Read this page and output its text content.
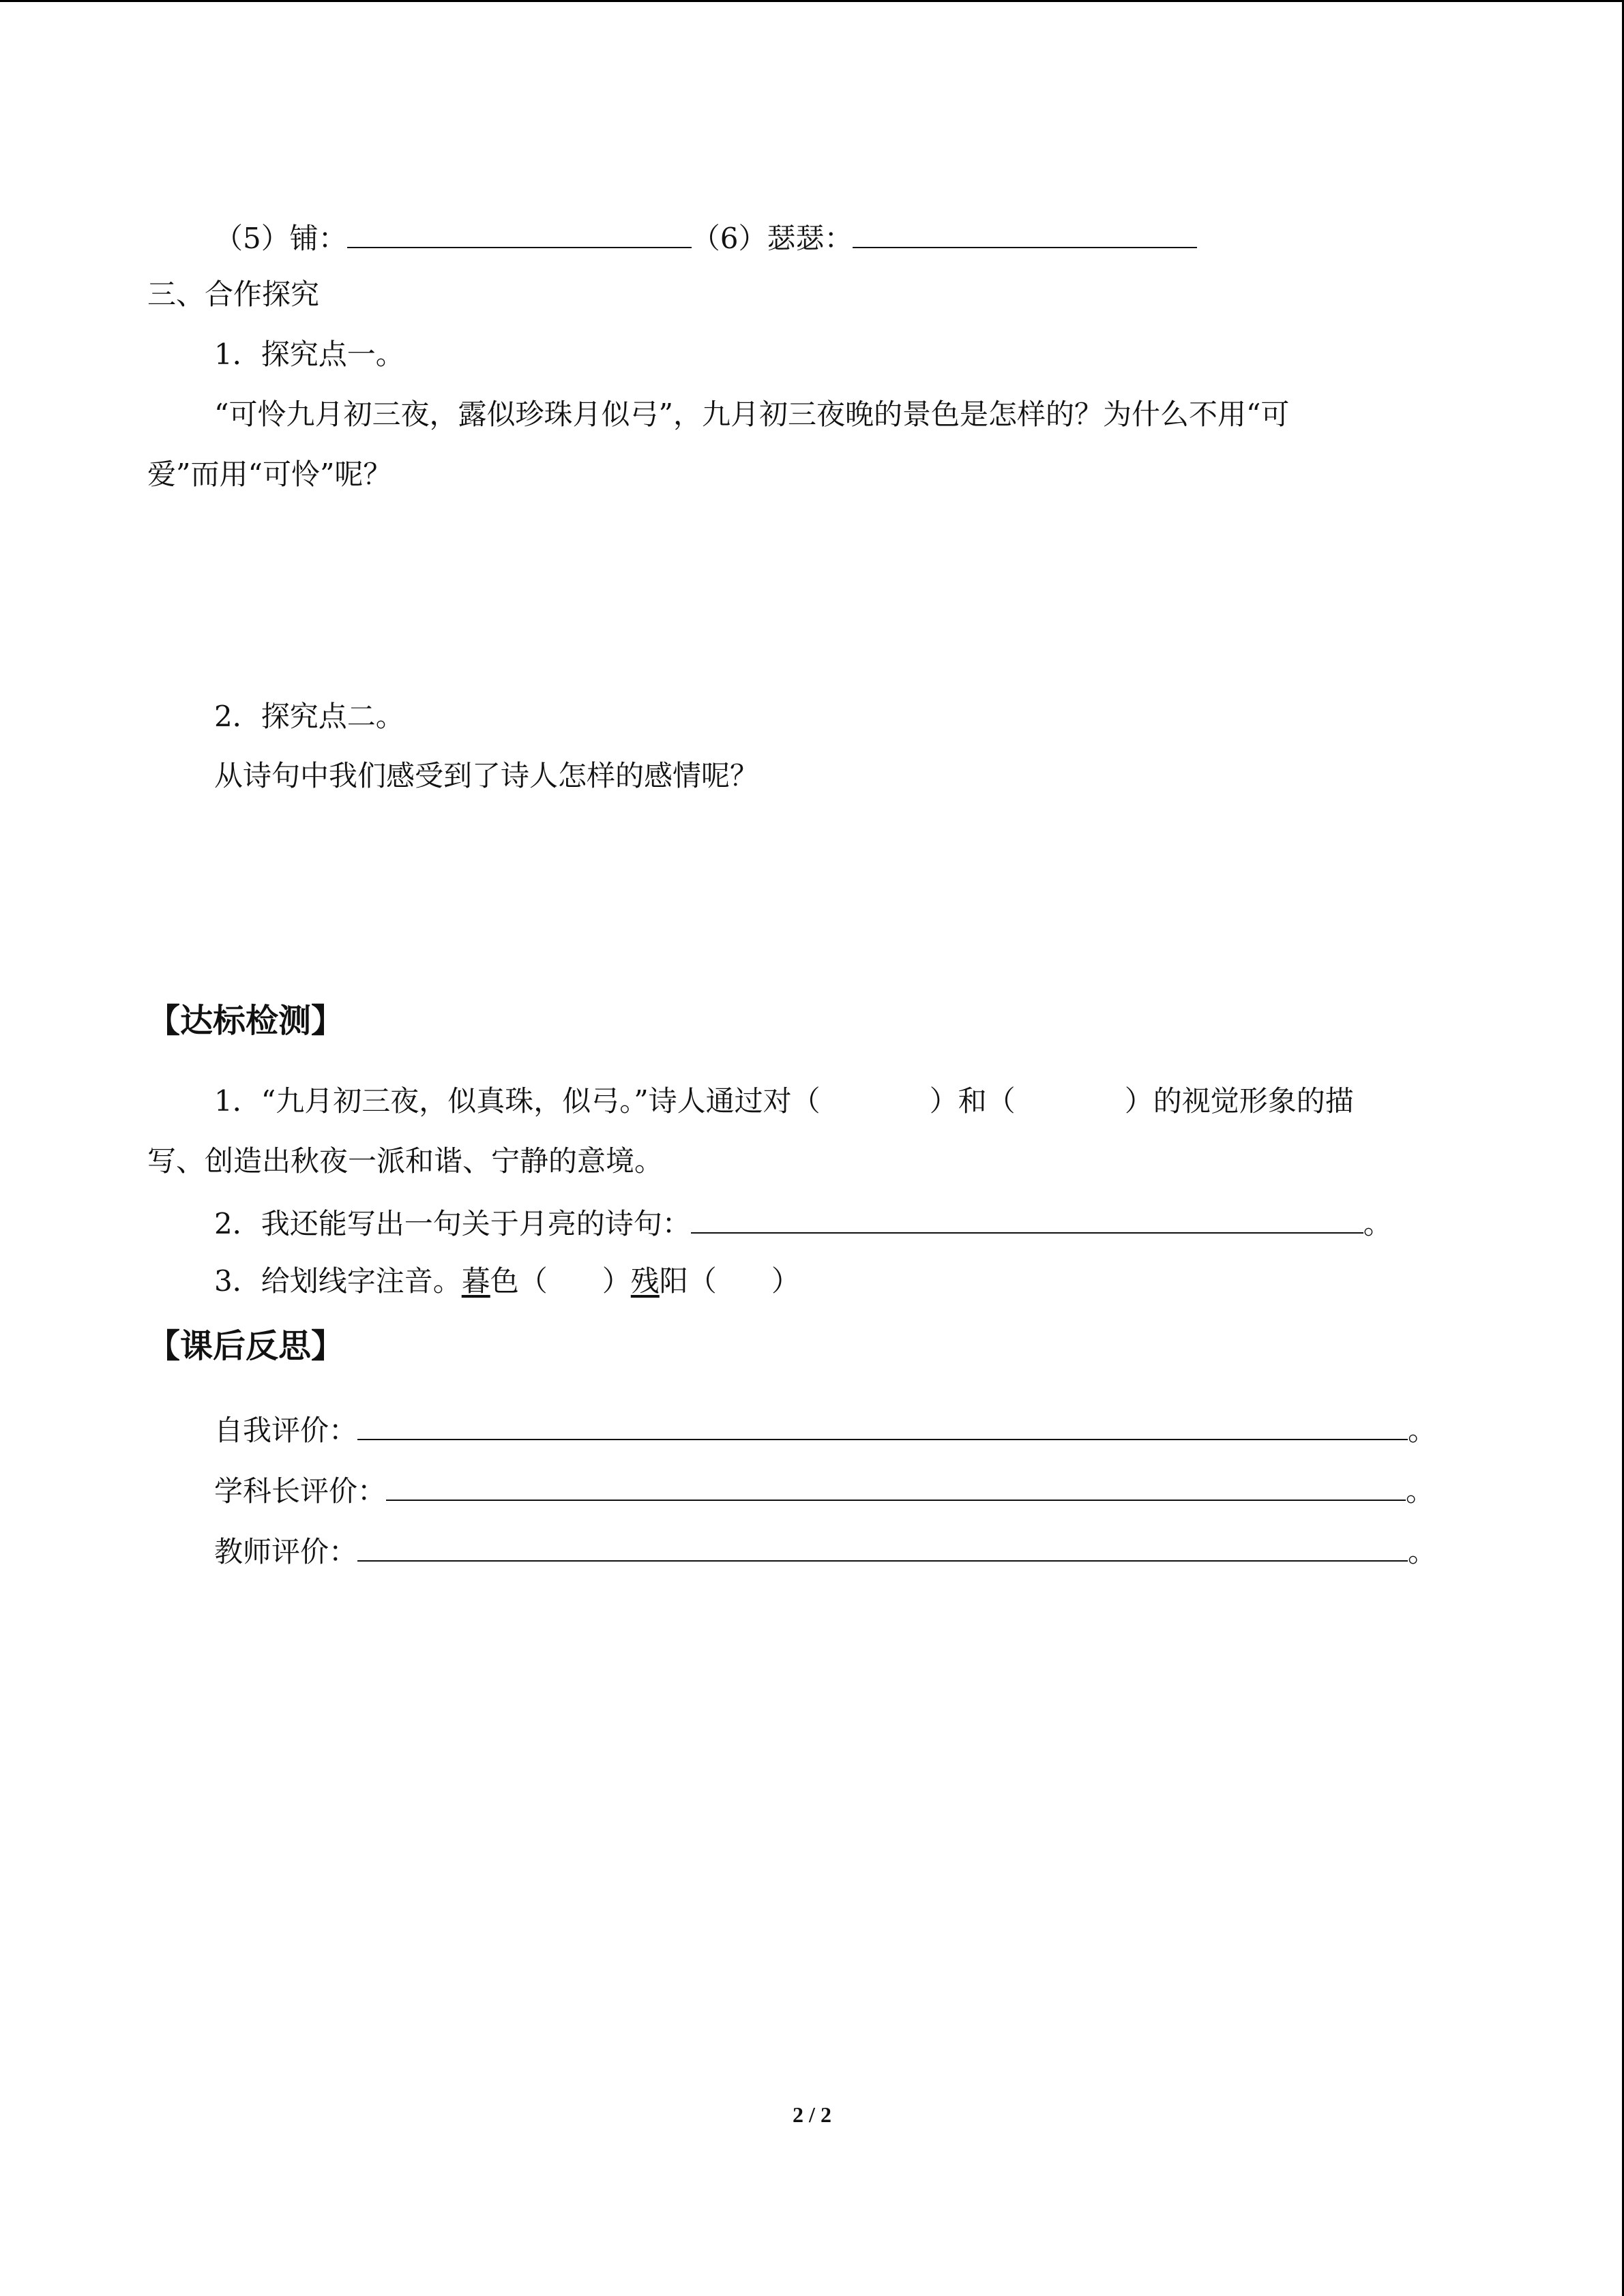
（5）铺：	（6）瑟瑟：
三、合作探究
1．探究点一。
“可怜九月初三夜，露似珍珠月似弓”，九月初三夜晚的景色是怎样的？为什么不用“可
爱”而用“可怜”呢？
2．探究点二。
从诗句中我们感受到了诗人怎样的感情呢？
【达标检测】
1．“九月初三夜，似真珠，似弓。”诗人通过对（	）和（	）的视觉形象的描
写、创造出秋夜一派和谐、宁静的意境。
2．我还能写出一句关于月亮的诗句：	。
3．给划线字注音。暮色（ ）残阳（ ）
【课后反思】
自我评价：	。
学科长评价：	。
教师评价：	。
2 / 2
